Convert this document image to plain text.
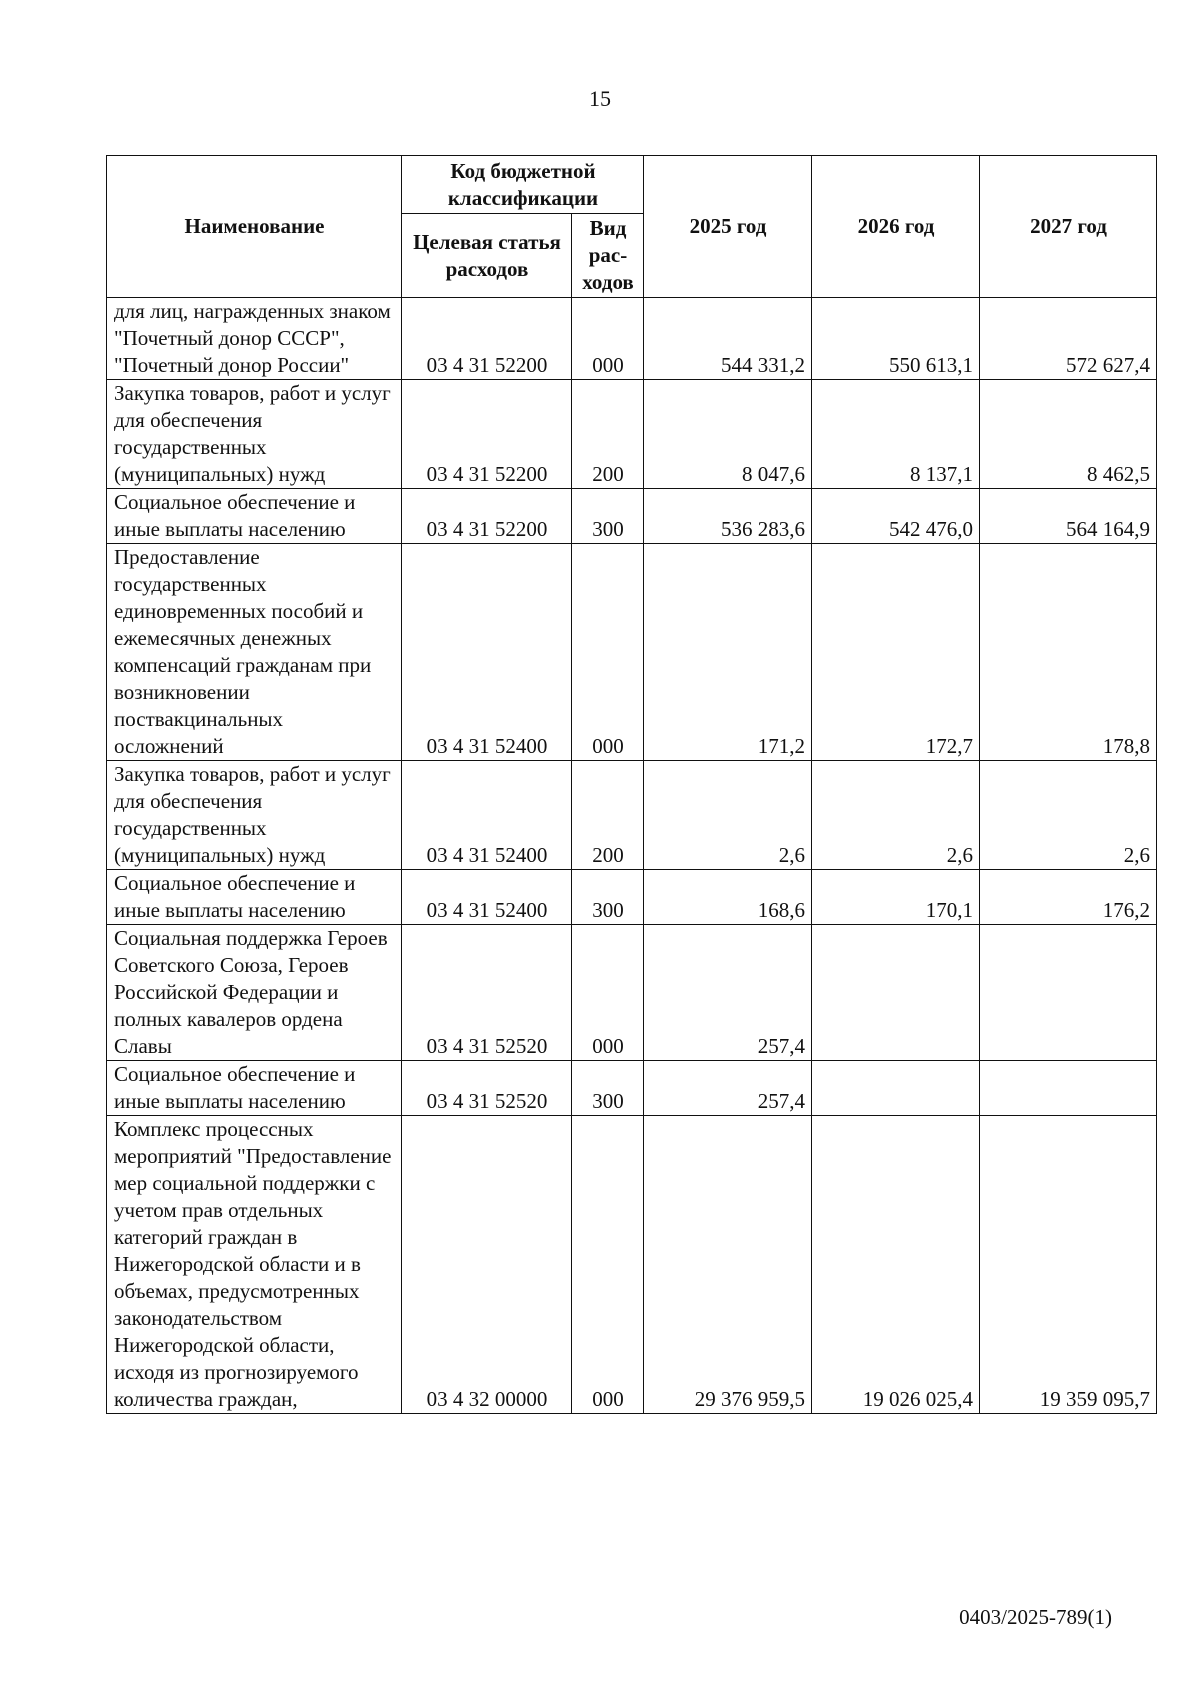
15
Наименование	Код бюджетной классификации		2025 год	2026 год	2027 год
	Целевая статья расходов	Вид рас-ходов			
для лиц, награжденных знаком "Почетный донор СССР", "Почетный донор России"	03 4 31 52200	000	544 331,2	550 613,1	572 627,4
Закупка товаров, работ и услуг для обеспечения государственных (муниципальных) нужд	03 4 31 52200	200	8 047,6	8 137,1	8 462,5
Социальное обеспечение и иные выплаты населению	03 4 31 52200	300	536 283,6	542 476,0	564 164,9
Предоставление государственных единовременных пособий и ежемесячных денежных компенсаций гражданам при возникновении поствакцинальных осложнений	03 4 31 52400	000	171,2	172,7	178,8
Закупка товаров, работ и услуг для обеспечения государственных (муниципальных) нужд	03 4 31 52400	200	2,6	2,6	2,6
Социальное обеспечение и иные выплаты населению	03 4 31 52400	300	168,6	170,1	176,2
Социальная поддержка Героев Советского Союза, Героев Российской Федерации и полных кавалеров ордена Славы	03 4 31 52520	000	257,4		
Социальное обеспечение и иные выплаты населению	03 4 31 52520	300	257,4		
Комплекс процессных мероприятий "Предоставление мер социальной поддержки с учетом прав отдельных категорий граждан в Нижегородской области и в объемах, предусмотренных законодательством Нижегородской области, исходя из прогнозируемого количества граждан,	03 4 32 00000	000	29 376 959,5	19 026 025,4	19 359 095,7
0403/2025-789(1)
